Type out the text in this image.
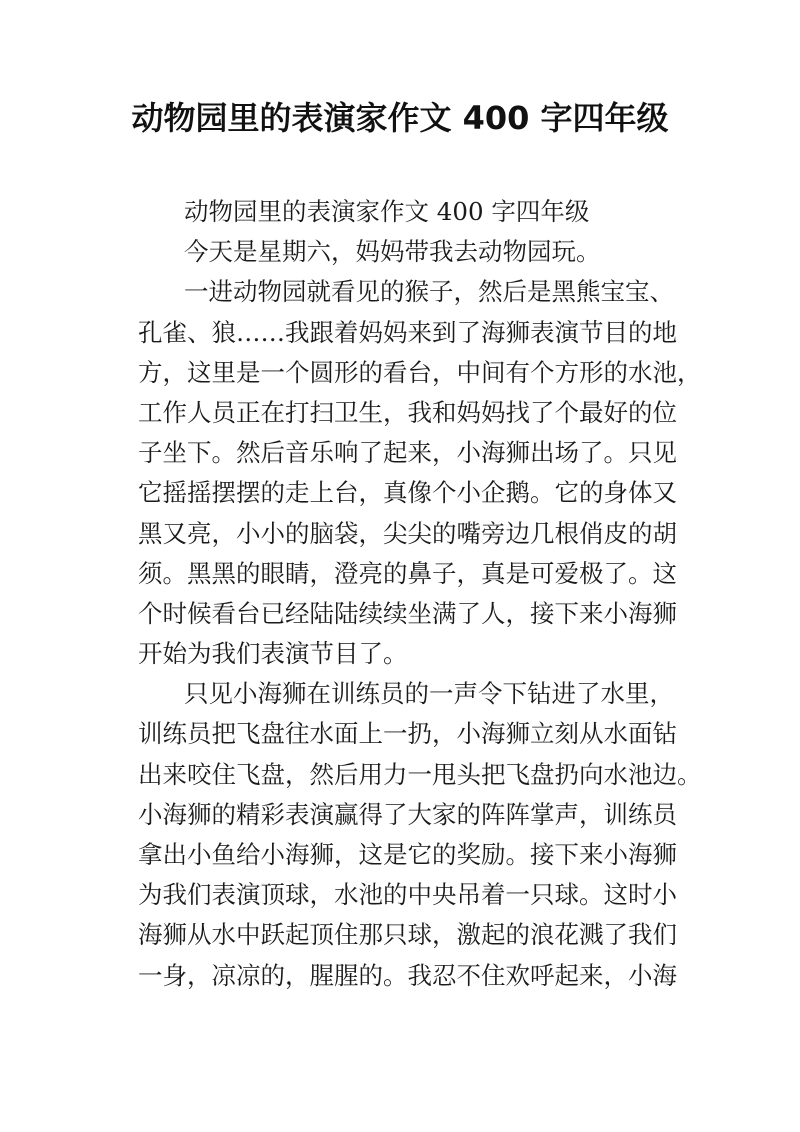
动物园里的表演家作文 400 字四年级
动物园里的表演家作文 400 字四年级
今天是星期六，妈妈带我去动物园玩。
一进动物园就看见的猴子，然后是黑熊宝宝、
孔雀、狼……我跟着妈妈来到了海狮表演节目的地
方，这里是一个圆形的看台，中间有个方形的水池，
工作人员正在打扫卫生，我和妈妈找了个最好的位
子坐下。然后音乐响了起来，小海狮出场了。只见
它摇摇摆摆的走上台，真像个小企鹅。它的身体又
黑又亮，小小的脑袋，尖尖的嘴旁边几根俏皮的胡
须。黑黑的眼睛，澄亮的鼻子，真是可爱极了。这
个时候看台已经陆陆续续坐满了人，接下来小海狮
开始为我们表演节目了。
只见小海狮在训练员的一声令下钻进了水里，
训练员把飞盘往水面上一扔，小海狮立刻从水面钻
出来咬住飞盘，然后用力一甩头把飞盘扔向水池边。
小海狮的精彩表演赢得了大家的阵阵掌声，训练员
拿出小鱼给小海狮，这是它的奖励。接下来小海狮
为我们表演顶球，水池的中央吊着一只球。这时小
海狮从水中跃起顶住那只球，激起的浪花溅了我们
一身，凉凉的，腥腥的。我忍不住欢呼起来，小海
